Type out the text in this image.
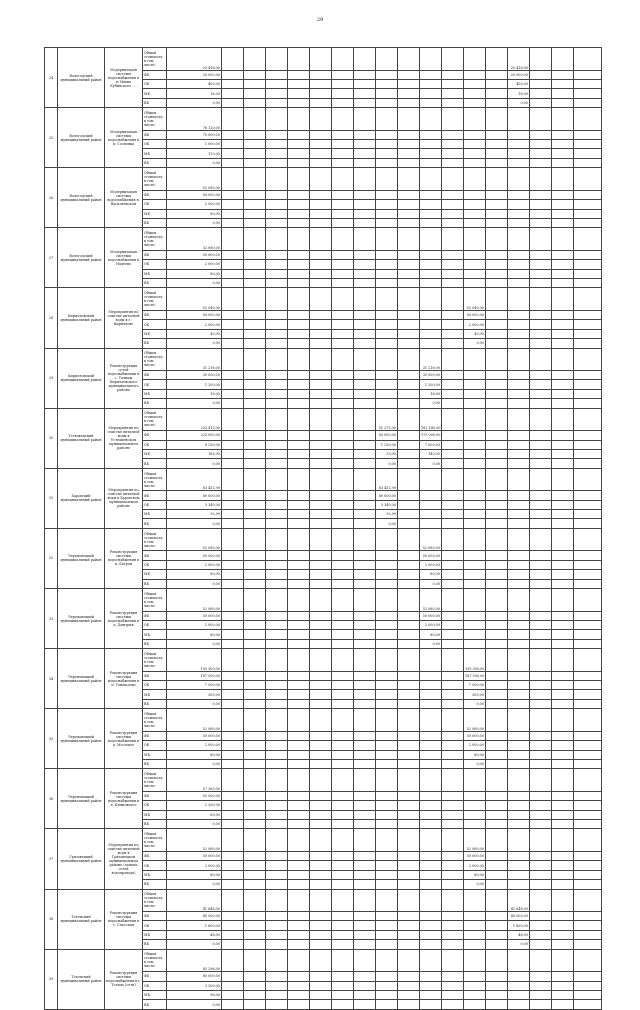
29
24	Вологодский муниципальный район	Модернизация системы водоснабжения в п. Ивана Кубинского ....	Общая стоимость, в том числе:	20 416,00														20 416,00					
			ФБ	20 000,00														20 000,00					
			ОБ	400,00														400,00					
			МБ	16,00														16,00					
			ВБ	0,00														0,00					
25	Вологодский муниципальный район	Модернизация системы водоснабжения в п. Сосновка	Общая стоимость, в том числе:	76 120,00																			
			ФБ	75 000,00																			
			ОБ	1 000,00																			
			МБ	120,00																			
			ВБ	0,00																			
26	Вологодский муниципальный район	Модернизация системы водоснабжения в. Васильевском	Общая стоимость, в том числе:	52 080,00																			
			ФБ	50 000,00																			
			ОБ	2 000,00																			
			МБ	80,00																			
			ВБ	0,00																			
27	Вологодский муниципальный район	Модернизация системы водоснабжения в Надеево	Общая стоимость, в том числе:	52 080,00																			
			ФБ	50 000,00																			
			ОБ	2 000,00																			
			МБ	80,00																			
			ВБ	0,00																			
28	Кирилловский муниципальный район	Мероприятия по очистке питьевой воды в г. Кириллове	Общая стоимость, в том числе:	52 040,00												52 040,00							
			ФБ	50 000,00												50 000,00							
			ОБ	2 000,00												2 000,00							
			МБ	40,00												40,00							
			ВБ	0,00												0,00							
29	Кирилловский муниципальный район	Реконструкция сетей водоснабжения в с. Талицы Кирилловского муниципального района	Общая стоимость, в том числе:	31 216,00										31 216,00									
			ФБ	30 000,00										30 000,00									
			ОБ	1 200,00										1 200,00									
			МБ	16,00										16,00									
			ВБ	0,00										0,00									
30	Устюженский муниципальный район	Мероприятия по очистке питьевой воды в Устюженском муниципальном районе	Общая стоимость, в том числе:	233 415,00								51 275,00		182 140,00									
			ФБ	225 000,00								50 000,00		175 000,00									
			ОБ	8 250,00								1 250,00		7 000,00									
			МБ	165,00								25,00		140,00									
			ВБ	0,00								0,00		0,00									
31	Харовский муниципальный район	Мероприятия по очистке питьевой воды в Харовском муниципальном районе	Общая стоимость, в том числе:	83 432,99								83 432,99											
			ФБ	80 000,00								80 000,00											
			ОБ	3 340,00								3 340,00											
			МБ	92,99								92,99											
			ВБ	0,00								0,00											
32	Череповецкий муниципальный район	Реконструкция системы водоснабжения в п. Батран	Общая стоимость, в том числе:	52 080,00										52 080,00									
			ФБ	50 000,00										50 000,00									
			ОБ	2 000,00										2 000,00									
			МБ	80,00										80,00									
			ВБ	0,00										0,00									
33	Череповецкий муниципальный район	Реконструкция системы водоснабжения в д. Дмитрия	Общая стоимость, в том числе:	52 080,00										52 080,00									
			ФБ	50 000,00										50 000,00									
			ОБ	2 000,00										2 000,00									
			МБ	80,00										80,00									
			ВБ	0,00										0,00									
34	Череповецкий муниципальный район	Реконструкция системы водоснабжения в п. Тоншалово	Общая стоимость, в том числе:	195 300,00												195 300,00							
			ФБ	187 500,00												187 500,00							
			ОБ	7 500,00												7 500,00							
			МБ	300,00												300,00							
			ВБ	0,00												0,00							
35	Череповецкий муниципальный район	Реконструкция системы водоснабжения в д. Мостовое	Общая стоимость, в том числе:	52 080,00												52 080,00							
			ФБ	50 000,00												50 000,00							
			ОБ	2 000,00												2 000,00							
			МБ	80,00												80,00							
			ВБ	0,00												0,00							
36	Череповецкий муниципальный район	Реконструкция системы водоснабжения в д. Климовское	Общая стоимость, в том числе:	57 260,00																			
			ФБ	55 000,00																			
			ОБ	2 200,00																			
			МБ	60,00																			
			ВБ	0,00																			
37	Грязовецкий муниципальный район	Мероприятия по очистке питьевой воды в Грязовецком муниципальном районе (замена сетей водопровода)	Общая стоимость, в том числе:	52 080,00												52 080,00							
			ФБ	50 000,00												50 000,00							
			ОБ	2 000,00												2 000,00							
			МБ	80,00												80,00							
			ВБ	0,00												0,00							
38	Тотемский муниципальный район	Реконструкция системы водоснабжения в с. Спасская	Общая стоимость, в том числе:	41 648,00														41 648,00					
			ФБ	40 000,00														40 000,00					
			ОБ	1 600,00														1 600,00					
			МБ	48,00														48,00					
			ВБ	0,00														0,00					
39	Тотемский муниципальный район	Реконструкция системы водоснабжения в г. Тотьма (сети)	Общая стоимость, в том числе:	83 296,00																			
			ФБ	80 000,00																			
			ОБ	3 200,00																			
			МБ	96,00																			
			ВБ	0,00																			
